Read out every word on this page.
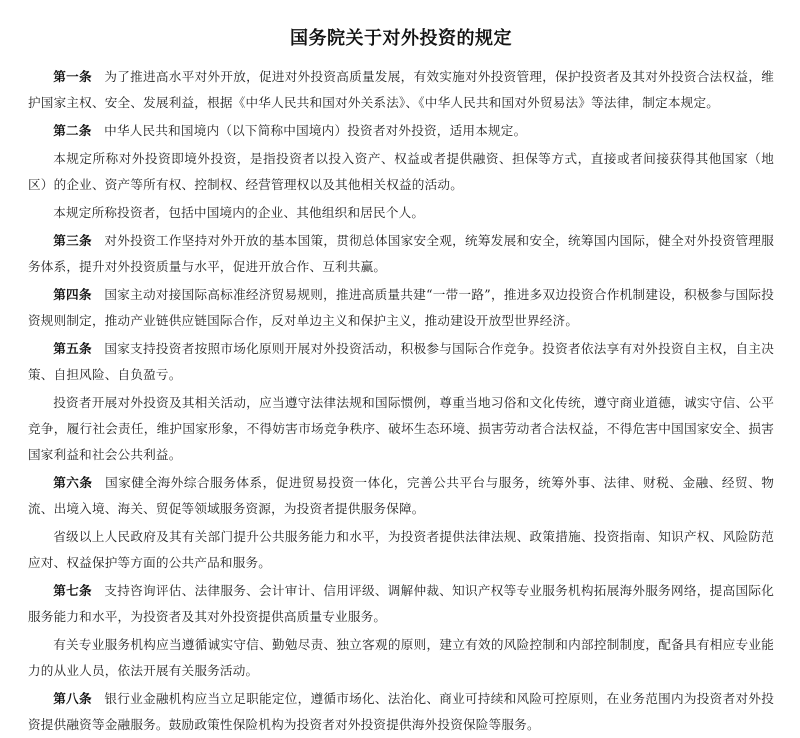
国务院关于对外投资的规定

第一条 为了推进高水平对外开放，促进对外投资高质量发展，有效实施对外投资管理，保护投资者及其对外投资合法权益，维护国家主权、安全、发展利益，根据《中华人民共和国对外关系法》、《中华人民共和国对外贸易法》等法律，制定本规定。

第二条 中华人民共和国境内（以下简称中国境内）投资者对外投资，适用本规定。

本规定所称对外投资即境外投资，是指投资者以投入资产、权益或者提供融资、担保等方式，直接或者间接获得其他国家（地区）的企业、资产等所有权、控制权、经营管理权以及其他相关权益的活动。

本规定所称投资者，包括中国境内的企业、其他组织和居民个人。

第三条 对外投资工作坚持对外开放的基本国策，贯彻总体国家安全观，统筹发展和安全，统筹国内国际，健全对外投资管理服务体系，提升对外投资质量与水平，促进开放合作、互利共赢。

第四条 国家主动对接国际高标准经济贸易规则，推进高质量共建“一带一路”，推进多双边投资合作机制建设，积极参与国际投资规则制定，推动产业链供应链国际合作，反对单边主义和保护主义，推动建设开放型世界经济。

第五条 国家支持投资者按照市场化原则开展对外投资活动，积极参与国际合作竞争。投资者依法享有对外投资自主权，自主决策、自担风险、自负盈亏。

投资者开展对外投资及其相关活动，应当遵守法律法规和国际惯例，尊重当地习俗和文化传统，遵守商业道德，诚实守信、公平竞争，履行社会责任，维护国家形象，不得妨害市场竞争秩序、破坏生态环境、损害劳动者合法权益，不得危害中国国家安全、损害国家利益和社会公共利益。

第六条 国家健全海外综合服务体系，促进贸易投资一体化，完善公共平台与服务，统筹外事、法律、财税、金融、经贸、物流、出境入境、海关、贸促等领域服务资源，为投资者提供服务保障。

省级以上人民政府及其有关部门提升公共服务能力和水平，为投资者提供法律法规、政策措施、投资指南、知识产权、风险防范应对、权益保护等方面的公共产品和服务。

第七条 支持咨询评估、法律服务、会计审计、信用评级、调解仲裁、知识产权等专业服务机构拓展海外服务网络，提高国际化服务能力和水平，为投资者及其对外投资提供高质量专业服务。

有关专业服务机构应当遵循诚实守信、勤勉尽责、独立客观的原则，建立有效的风险控制和内部控制制度，配备具有相应专业能力的从业人员，依法开展有关服务活动。

第八条 银行业金融机构应当立足职能定位，遵循市场化、法治化、商业可持续和风险可控原则，在业务范围内为投资者对外投资提供融资等金融服务。鼓励政策性保险机构为投资者对外投资提供海外投资保险等服务。
